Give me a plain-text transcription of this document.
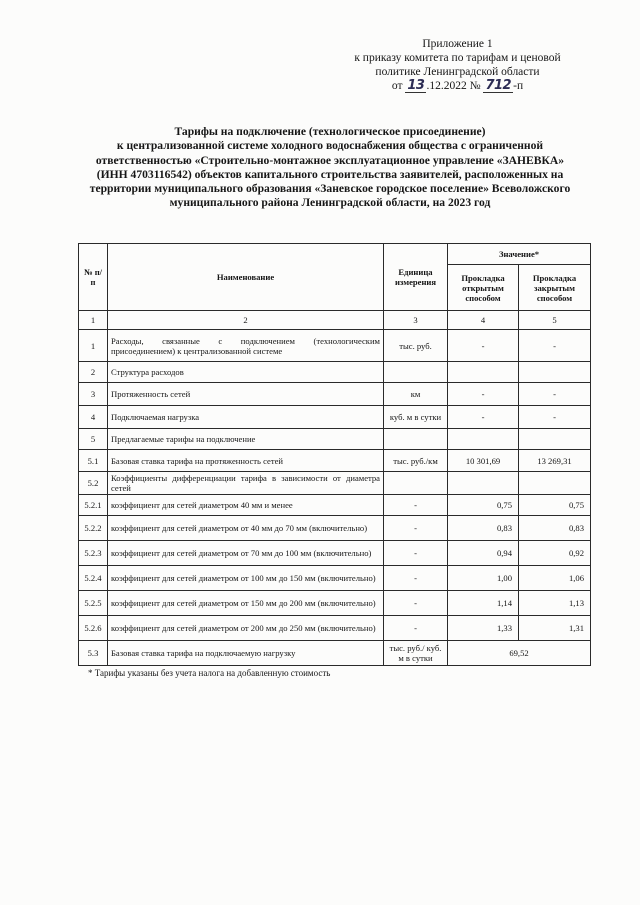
Приложение 1
к приказу комитета по тарифам и ценовой
политике Ленинградской области
от 13 .12.2022 № 712 -п
Тарифы на подключение (технологическое присоединение)
к централизованной системе холодного водоснабжения общества с ограниченной
ответственностью «Строительно-монтажное эксплуатационное управление «ЗАНЕВКА»
(ИНН 4703116542) объектов капитального строительства заявителей, расположенных на
территории муниципального образования «Заневское городское поселение» Всеволожского
муниципального района Ленинградской области, на 2023 год
№ п/п	Наименование	Единица измерения	Значение*	
			Прокладка открытым способом	Прокладка закрытым способом
1	2	3	4	5
1	Расходы, связанные с подключением (технологическим присоединением) к централизованной системе	тыс. руб.	-	-
2	Структура расходов			
3	Протяженность сетей	км	-	-
4	Подключаемая нагрузка	куб. м в сутки	-	-
5	Предлагаемые тарифы на подключение			
5.1	Базовая ставка тарифа на протяженность сетей	тыс. руб./км	10 301,69	13 269,31
5.2	Коэффициенты дифференциации тарифа в зависимости от диаметра сетей			
5.2.1	коэффициент для сетей диаметром 40 мм и менее	-	0,75	0,75
5.2.2	коэффициент для сетей диаметром от 40 мм до 70 мм (включительно)	-	0,83	0,83
5.2.3	коэффициент для сетей диаметром от 70 мм до 100 мм (включительно)	-	0,94	0,92
5.2.4	коэффициент для сетей диаметром от 100 мм до 150 мм (включительно)	-	1,00	1,06
5.2.5	коэффициент для сетей диаметром от 150 мм до 200 мм (включительно)	-	1,14	1,13
5.2.6	коэффициент для сетей диаметром от 200 мм до 250 мм (включительно)	-	1,33	1,31
5.3	Базовая ставка тарифа на подключаемую нагрузку	тыс. руб./ куб. м в сутки	69,52	
* Тарифы указаны без учета налога на добавленную стоимость
